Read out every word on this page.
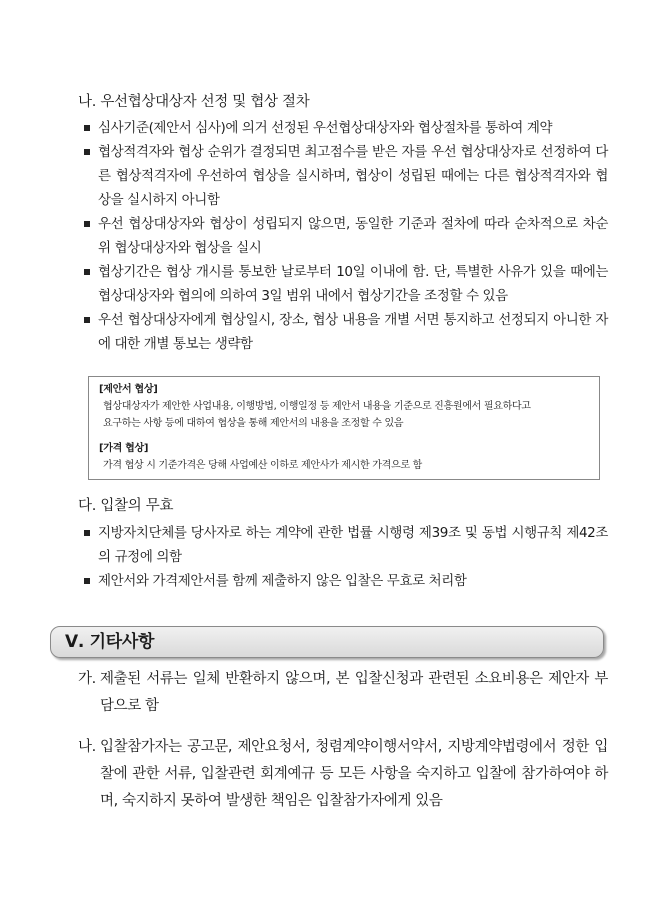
나. 우선협상대상자 선정 및 협상 절차
심사기준(제안서 심사)에 의거 선정된 우선협상대상자와 협상절차를 통하여 계약
협상적격자와 협상 순위가 결정되면 최고점수를 받은 자를 우선 협상대상자로 선정하여 다른 협상적격자에 우선하여 협상을 실시하며, 협상이 성립된 때에는 다른 협상적격자와 협상을 실시하지 아니함
우선 협상대상자와 협상이 성립되지 않으면, 동일한 기준과 절차에 따라 순차적으로 차순위 협상대상자와 협상을 실시
협상기간은 협상 개시를 통보한 날로부터 10일 이내에 함. 단, 특별한 사유가 있을 때에는 협상대상자와 협의에 의하여 3일 범위 내에서 협상기간을 조정할 수 있음
우선 협상대상자에게 협상일시, 장소, 협상 내용을 개별 서면 통지하고 선정되지 아니한 자에 대한 개별 통보는 생략함
[제안서 협상]
협상대상자가 제안한 사업내용, 이행방법, 이행일정 등 제안서 내용을 기준으로 진흥원에서 필요하다고
요구하는 사항 등에 대하여 협상을 통해 제안서의 내용을 조정할 수 있음
[가격 협상]
가격 협상 시 기준가격은 당해 사업예산 이하로 제안사가 제시한 가격으로 함
다. 입찰의 무효
지방자치단체를 당사자로 하는 계약에 관한 법률 시행령 제39조 및 동법 시행규칙 제42조의 규정에 의함
제안서와 가격제안서를 함께 제출하지 않은 입찰은 무효로 처리함
Ⅴ. 기타사항
가. 제출된 서류는 일체 반환하지 않으며, 본 입찰신청과 관련된 소요비용은 제안자 부담으로 함
나. 입찰참가자는 공고문, 제안요청서, 청렴계약이행서약서, 지방계약법령에서 정한 입찰에 관한 서류, 입찰관련 회계예규 등 모든 사항을 숙지하고 입찰에 참가하여야 하며, 숙지하지 못하여 발생한 책임은 입찰참가자에게 있음
